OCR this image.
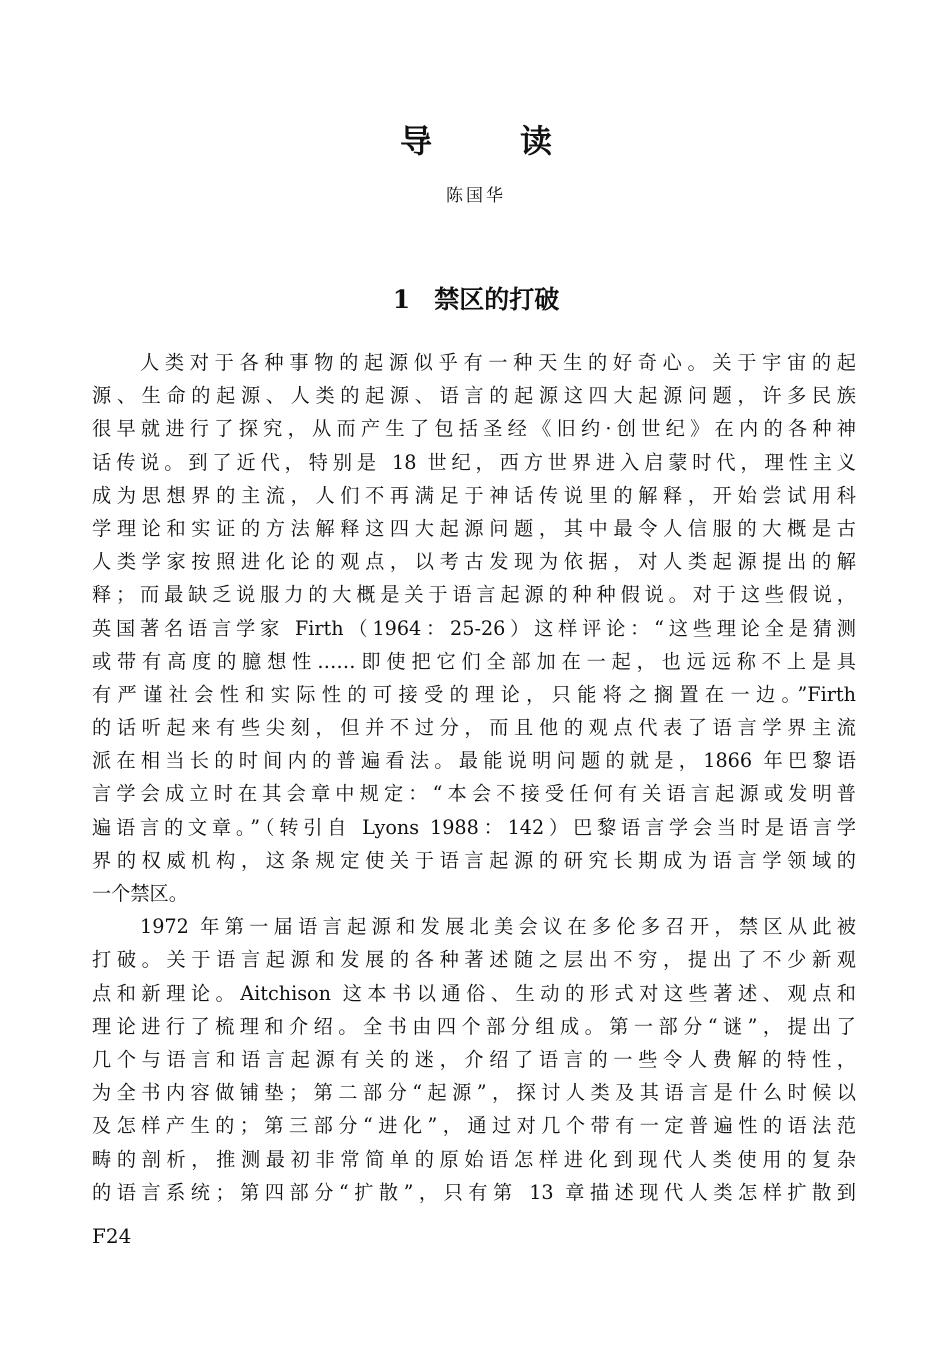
导　读
陈国华
1 禁区的打破
人类对于各种事物的起源似乎有一种天生的好奇心。关于宇宙的起
源、生命的起源、人类的起源、语言的起源这四大起源问题，许多民族
很早就进行了探究，从而产生了包括圣经《旧约·创世纪》在内的各种神
话传说。到了近代，特别是 18 世纪，西方世界进入启蒙时代，理性主义
成为思想界的主流，人们不再满足于神话传说里的解释，开始尝试用科
学理论和实证的方法解释这四大起源问题，其中最令人信服的大概是古
人类学家按照进化论的观点，以考古发现为依据，对人类起源提出的解
释；而最缺乏说服力的大概是关于语言起源的种种假说。对于这些假说，
英国著名语言学家 Firth（1964：25-26）这样评论：“这些理论全是猜测
或带有高度的臆想性……即使把它们全部加在一起，也远远称不上是具
有严谨社会性和实际性的可接受的理论，只能将之搁置在一边。”Firth
的话听起来有些尖刻，但并不过分，而且他的观点代表了语言学界主流
派在相当长的时间内的普遍看法。最能说明问题的就是，1866 年巴黎语
言学会成立时在其会章中规定：“本会不接受任何有关语言起源或发明普
遍语言的文章。”（转引自 Lyons 1988：142）巴黎语言学会当时是语言学
界的权威机构，这条规定使关于语言起源的研究长期成为语言学领域的
一个禁区。
1972 年第一届语言起源和发展北美会议在多伦多召开，禁区从此被
打破。关于语言起源和发展的各种著述随之层出不穷，提出了不少新观
点和新理论。Aitchison 这本书以通俗、生动的形式对这些著述、观点和
理论进行了梳理和介绍。全书由四个部分组成。第一部分“谜”，提出了
几个与语言和语言起源有关的迷，介绍了语言的一些令人费解的特性，
为全书内容做铺垫；第二部分“起源”，探讨人类及其语言是什么时候以
及怎样产生的；第三部分“进化”，通过对几个带有一定普遍性的语法范
畴的剖析，推测最初非常简单的原始语怎样进化到现代人类使用的复杂
的语言系统；第四部分“扩散”，只有第 13 章描述现代人类怎样扩散到
F24
